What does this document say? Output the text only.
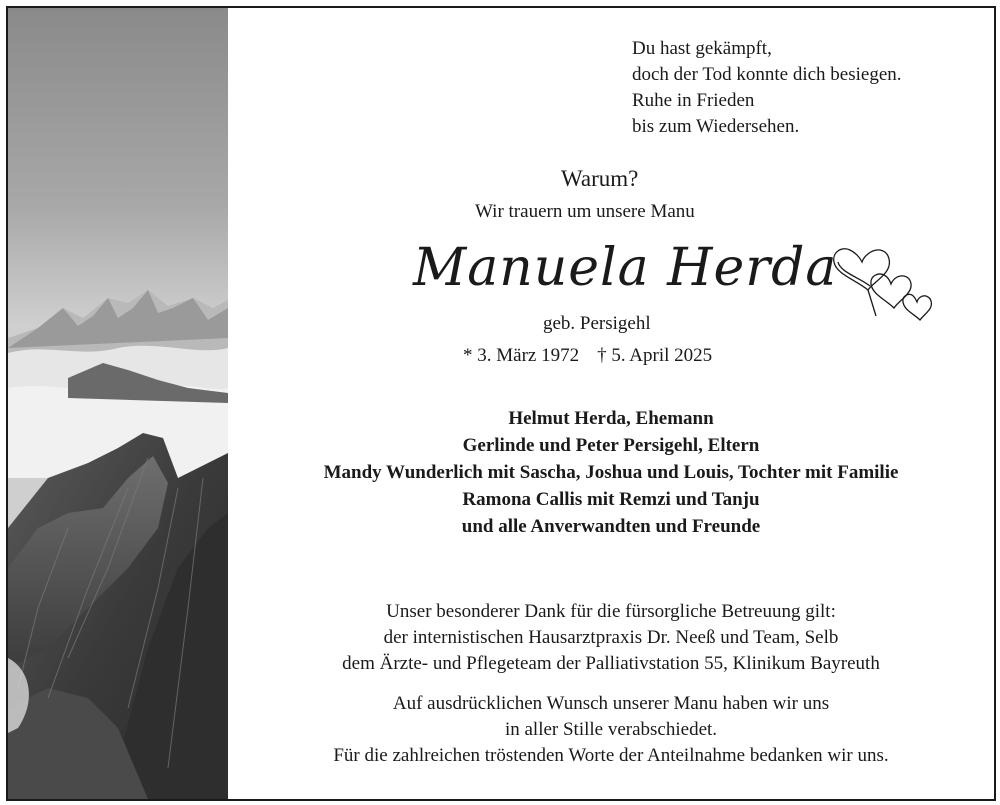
Du hast gekämpft,
doch der Tod konnte dich besiegen.
Ruhe in Frieden
bis zum Wiedersehen.
Warum?
Wir trauern um unsere Manu
Manuela Herda
geb. Persigehl
* 3. März 1972 † 5. April 2025
Helmut Herda, Ehemann
Gerlinde und Peter Persigehl, Eltern
Mandy Wunderlich mit Sascha, Joshua und Louis, Tochter mit Familie
Ramona Callis mit Remzi und Tanju
und alle Anverwandten und Freunde
Unser besonderer Dank für die fürsorgliche Betreuung gilt:
der internistischen Hausarztpraxis Dr. Neeß und Team, Selb
dem Ärzte- und Pflegeteam der Palliativstation 55, Klinikum Bayreuth
Auf ausdrücklichen Wunsch unserer Manu haben wir uns
in aller Stille verabschiedet.
Für die zahlreichen tröstenden Worte der Anteilnahme bedanken wir uns.
